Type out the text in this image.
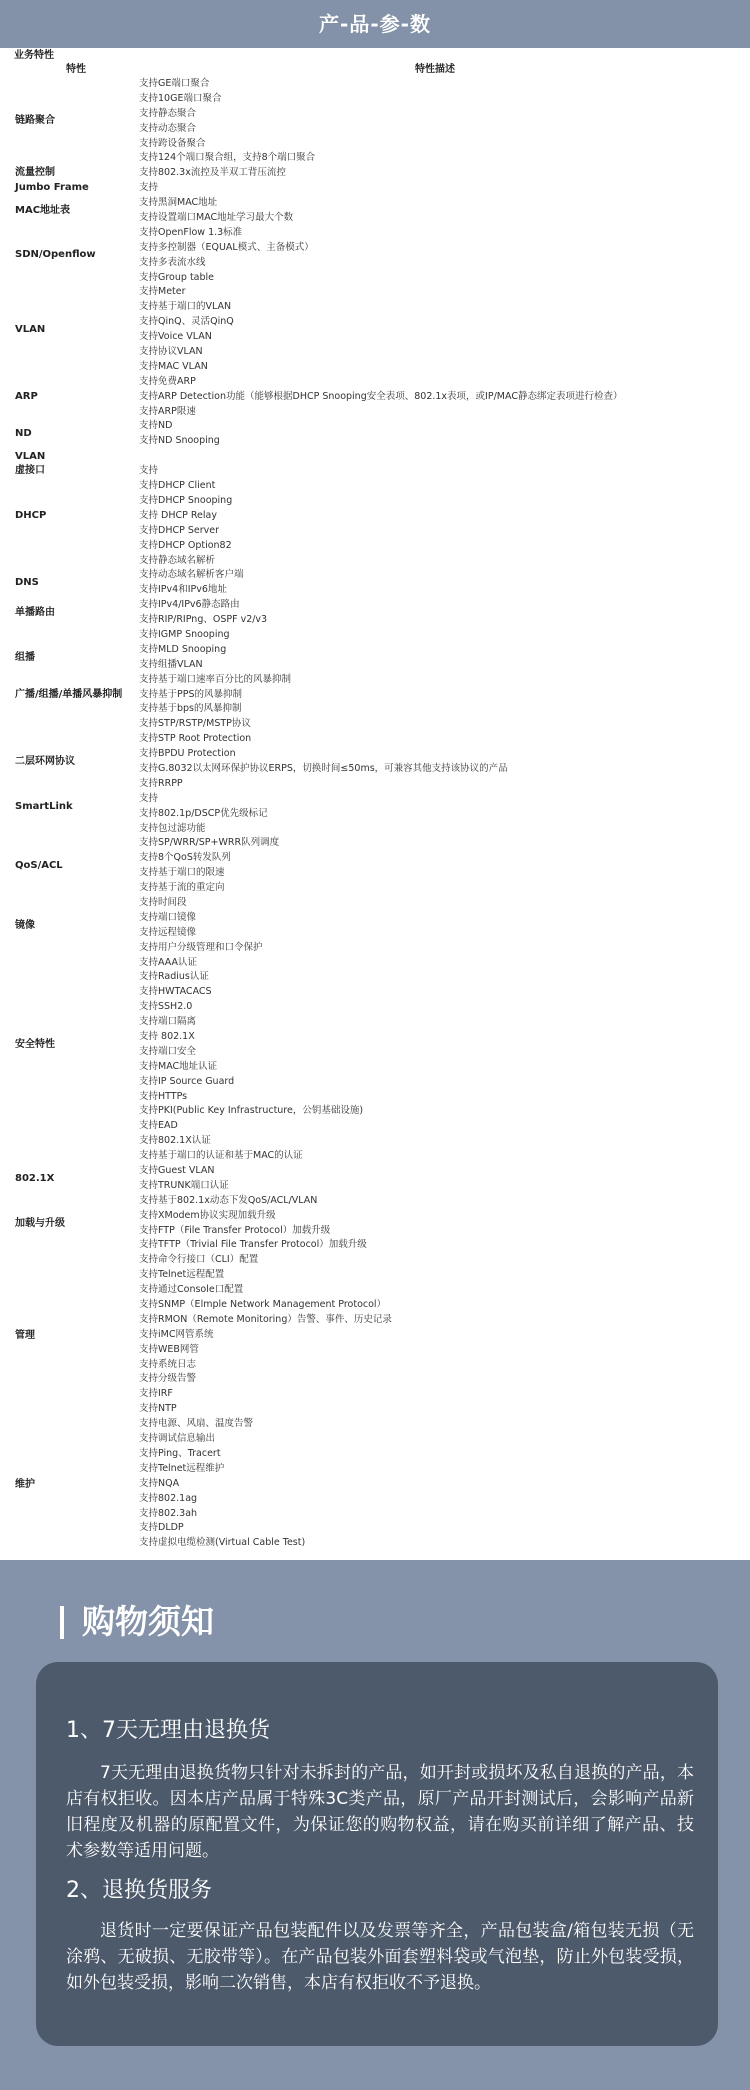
产-品-参-数
业务特性
特性	特性描述
链路聚合
流量控制
Jumbo Frame
MAC地址表
SDN/Openflow
VLAN
ARP
ND
VLAN
虚接口
DHCP
DNS
单播路由
组播
广播/组播/单播风暴抑制
二层环网协议
SmartLink
QoS/ACL
镜像
安全特性
802.1X
加载与升级
管理
维护
支持GE端口聚合
支持10GE端口聚合
支持静态聚合
支持动态聚合
支持跨设备聚合
支持124个端口聚合组，支持8个端口聚合
支持802.3x流控及半双工背压流控
支持
支持黑洞MAC地址
支持设置端口MAC地址学习最大个数
支持OpenFlow 1.3标准
支持多控制器（EQUAL模式、主备模式）
支持多表流水线
支持Group table
支持Meter
支持基于端口的VLAN
支持QinQ、灵活QinQ
支持Voice VLAN
支持协议VLAN
支持MAC VLAN
支持免费ARP
支持ARP Detection功能（能够根据DHCP Snooping安全表项、802.1x表项，或IP/MAC静态绑定表项进行检查）
支持ARP限速
支持ND
支持ND Snooping
支持
支持DHCP Client
支持DHCP Snooping
支持 DHCP Relay
支持DHCP Server
支持DHCP Option82
支持静态域名解析
支持动态域名解析客户端
支持IPv4和IPv6地址
支持IPv4/IPv6静态路由
支持RIP/RIPng、OSPF v2/v3
支持IGMP Snooping
支持MLD Snooping
支持组播VLAN
支持基于端口速率百分比的风暴抑制
支持基于PPS的风暴抑制
支持基于bps的风暴抑制
支持STP/RSTP/MSTP协议
支持STP Root Protection
支持BPDU Protection
支持G.8032以太网环保护协议ERPS，切换时间≤50ms，可兼容其他支持该协议的产品
支持RRPP
支持
支持802.1p/DSCP优先级标记
支持包过滤功能
支持SP/WRR/SP+WRR队列调度
支持8个QoS转发队列
支持基于端口的限速
支持基于流的重定向
支持时间段
支持端口镜像
支持远程镜像
支持用户分级管理和口令保护
支持AAA认证
支持Radius认证
支持HWTACACS
支持SSH2.0
支持端口隔离
支持 802.1X
支持端口安全
支持MAC地址认证
支持IP Source Guard
支持HTTPs
支持PKI(Public Key Infrastructure，公钥基础设施)
支持EAD
支持802.1X认证
支持基于端口的认证和基于MAC的认证
支持Guest VLAN
支持TRUNK端口认证
支持基于802.1x动态下发QoS/ACL/VLAN
支持XModem协议实现加载升级
支持FTP（File Transfer Protocol）加载升级
支持TFTP（Trivial File Transfer Protocol）加载升级
支持命令行接口（CLI）配置
支持Telnet远程配置
支持通过Console口配置
支持SNMP（Elmple Network Management Protocol）
支持RMON（Remote Monitoring）告警、事件、历史记录
支持iMC网管系统
支持WEB网管
支持系统日志
支持分级告警
支持IRF
支持NTP
支持电源、风扇、温度告警
支持调试信息输出
支持Ping、Tracert
支持Telnet远程维护
支持NQA
支持802.1ag
支持802.3ah
支持DLDP
支持虚拟电缆检测(Virtual Cable Test)
购物须知
1、7天无理由退换货
7天无理由退换货物只针对未拆封的产品，如开封或损坏及私自退换的产品，本店有权拒收。因本店产品属于特殊3C类产品，原厂产品开封测试后，会影响产品新旧程度及机器的原配置文件，为保证您的购物权益，请在购买前详细了解产品、技术参数等适用问题。
2、退换货服务
退货时一定要保证产品包装配件以及发票等齐全，产品包装盒/箱包装无损（无涂鸦、无破损、无胶带等）。在产品包装外面套塑料袋或气泡垫，防止外包装受损，如外包装受损，影响二次销售，本店有权拒收不予退换。
